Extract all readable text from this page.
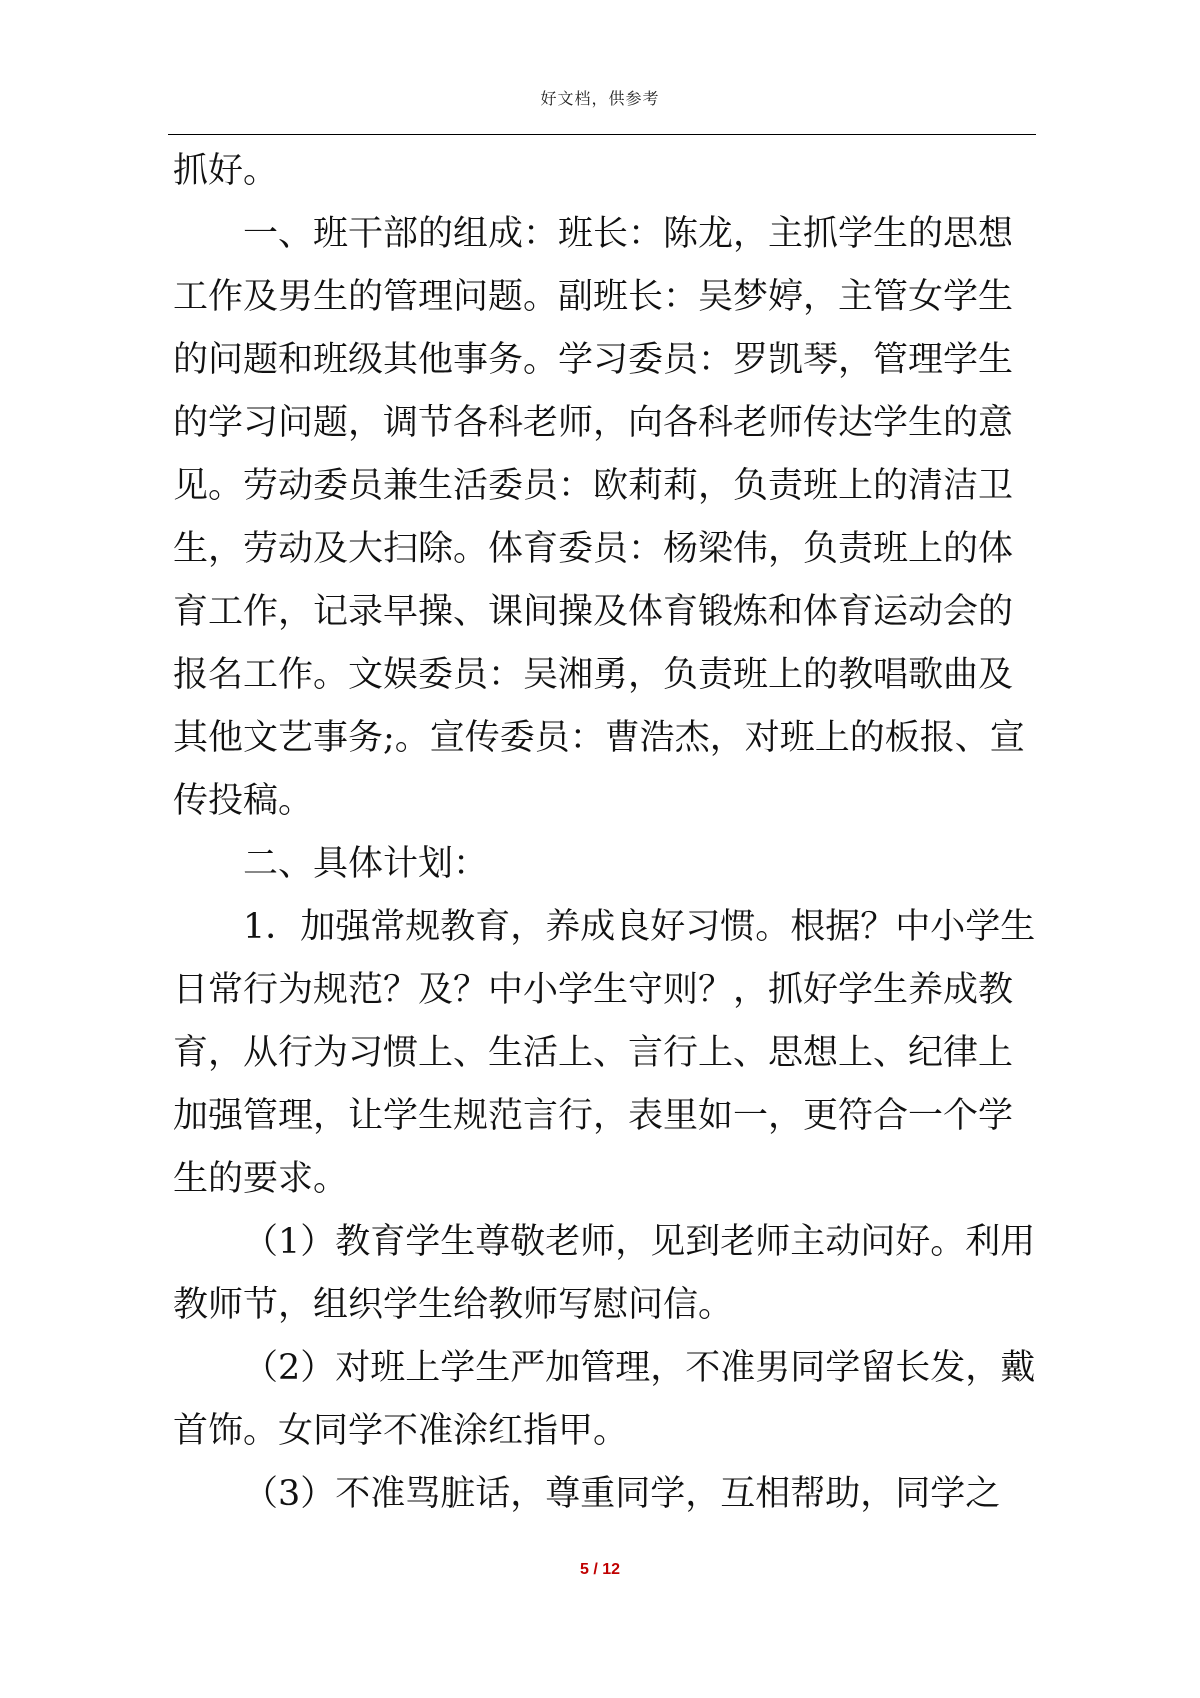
好文档，供参考

抓好。

一、班干部的组成：班长：陈龙，主抓学生的思想工作及男生的管理问题。副班长：吴梦婷，主管女学生的问题和班级其他事务。学习委员：罗凯琴，管理学生的学习问题，调节各科老师，向各科老师传达学生的意见。劳动委员兼生活委员：欧莉莉，负责班上的清洁卫生，劳动及大扫除。体育委员：杨梁伟，负责班上的体育工作，记录早操、课间操及体育锻炼和体育运动会的报名工作。文娱委员：吴湘勇，负责班上的教唱歌曲及其他文艺事务;。宣传委员：曹浩杰，对班上的板报、宣传投稿。

二、具体计划：

1．加强常规教育，养成良好习惯。根据？中小学生日常行为规范？及？中小学生守则？，抓好学生养成教育，从行为习惯上、生活上、言行上、思想上、纪律上加强管理，让学生规范言行，表里如一，更符合一个学生的要求。

（1）教育学生尊敬老师，见到老师主动问好。利用教师节，组织学生给教师写慰问信。

（2）对班上学生严加管理，不准男同学留长发，戴首饰。女同学不准涂红指甲。

（3）不准骂脏话，尊重同学，互相帮助，同学之

5 / 12
